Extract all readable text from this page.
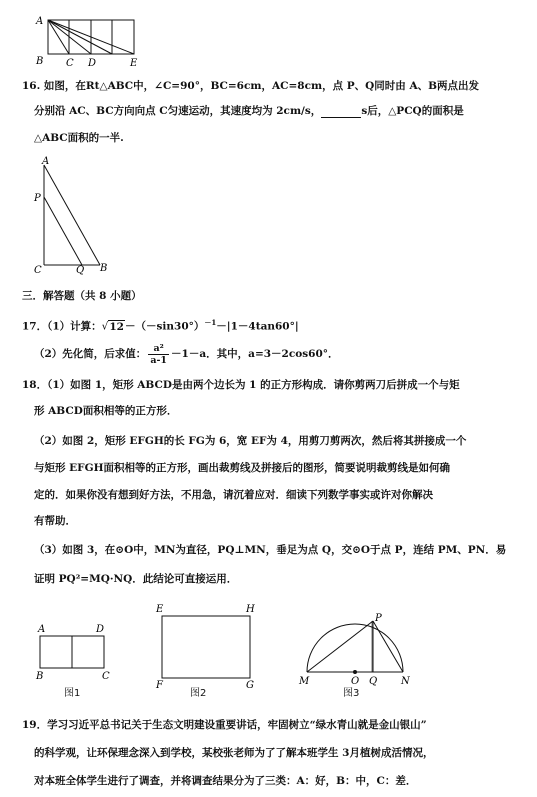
A
B C D	E
16. 如图，在Rt△ABC中，∠C=90°，BC=6cm，AC=8cm，点 P、Q同时由 A、B两点出发
分别沿 AC、BC方向向点 C匀速运动，其速度均为 2cm/s，	s后，△PCQ的面积是
△ABC面积的一半.
A
P
C	Q B
三．解答题（共 8 小题）
17．（1）计算：$√12-(-\sin 30^\circ)^{-1}-|1-4\tan 60^\circ|$
（2）先化简，后求值： $\frac{\text{a²}}{a-1} -1-a$．其中，a=3－2cos60°．
18．（1）如图 1，矩形 ABCD是由两个边长为 1 的正方形构成．请你剪两刀后拼成一个与矩
形 ABCD面积相等的正方形．
（2）如图 2，矩形 EFGH的长 FG为 6，宽 EF为 4，用剪刀剪两次，然后将其拼接成一个
与矩形 EFGH面积相等的正方形，画出裁剪线及拼接后的图形，简要说明裁剪线是如何确
定的．如果你没有想到好方法，不用急，请沉着应对．细读下列数学事实或许对你解决
有帮助．
（3）如图 3，在⊙O中，MN为直径，PQ⊥MN，垂足为点 Q，交⊙O于点 P，连结 PM、PN．易
证明 PQ²=MQ·NQ．此结论可直接运用．
A	D
B	C
图1
E	H
F	G
图2
P
M	O Q N
图3
19．学习习近平总书记关于生态文明建设重要讲话，牢固树立“绿水青山就是金山银山”
的科学观，让环保理念深入到学校，某校张老师为了了解本班学生 3月植树成活情况，
对本班全体学生进行了调查，并将调查结果分为了三类：A：好，B：中，C：差．
